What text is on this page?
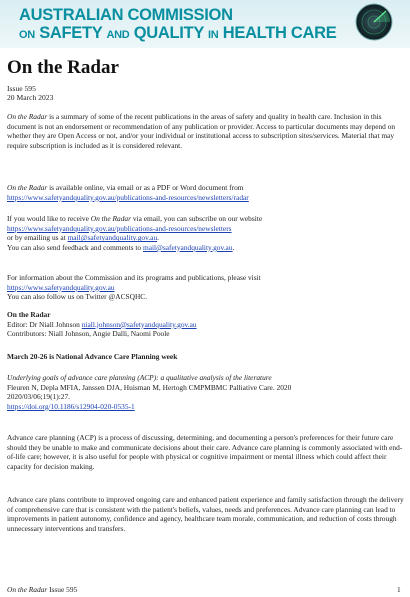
AUSTRALIAN COMMISSION
ON SAFETY AND QUALITY IN HEALTH CARE
On the Radar
Issue 595
20 March 2023

On the Radar is a summary of some of the recent publications in the areas of safety and quality in health care. Inclusion in this document is not an endorsement or recommendation of any publication or provider. Access to particular documents may depend on whether they are Open Access or not, and/or your individual or institutional access to subscription sites/services. Material that may require subscription is included as it is considered relevant.

On the Radar is available online, via email or as a PDF or Word document from
https://www.safetyandquality.gov.au/publications-and-resources/newsletters/radar

If you would like to receive On the Radar via email, you can subscribe on our website
https://www.safetyandquality.gov.au/publications-and-resources/newsletters
or by emailing us at mail@safetyandquality.gov.au.
You can also send feedback and comments to mail@safetyandquality.gov.au.

For information about the Commission and its programs and publications, please visit
https://www.safetyandquality.gov.au
You can also follow us on Twitter @ACSQHC.

On the Radar
Editor: Dr Niall Johnson niall.johnson@safetyandquality.gov.au
Contributors: Niall Johnson, Angie Dalli, Naomi Poole

March 20-26 is National Advance Care Planning week

Underlying goals of advance care planning (ACP): a qualitative analysis of the literature
Fleuren N, Depla MFIA, Janssen DJA, Huisman M, Hertogh CMPMBMC Palliative Care. 2020
2020/03/06;19(1):27.
https://doi.org/10.1186/s12904-020-0535-1

Advance care planning (ACP) is a process of discussing, determining, and documenting a person's preferences for their future care should they be unable to make and communicate decisions about their care. Advance care planning is commonly associated with end-of-life care; however, it is also useful for people with physical or cognitive impairment or mental illness which could affect their capacity for decision making.

Advance care plans contribute to improved ongoing care and enhanced patient experience and family satisfaction through the delivery of comprehensive care that is consistent with the patient's beliefs, values, needs and preferences. Advance care planning can lead to improvements in patient autonomy, confidence and agency, healthcare team morale, communication, and reduction of costs through unnecessary interventions and transfers.

On the Radar Issue 595	1
